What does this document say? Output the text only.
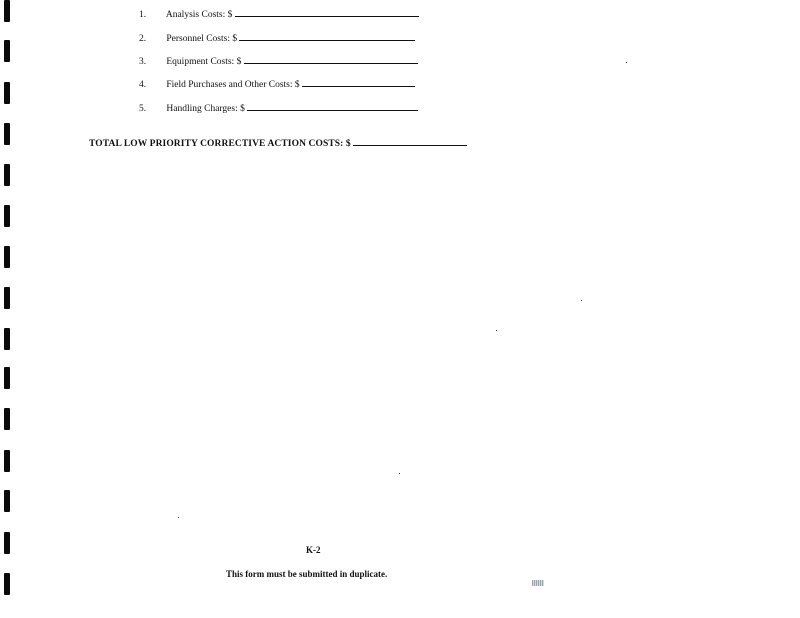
1. Analysis Costs: $
2. Personnel Costs: $
3. Equipment Costs: $
4. Field Purchases and Other Costs: $
5. Handling Charges: $
TOTAL LOW PRIORITY CORRECTIVE ACTION COSTS: $
K-2
This form must be submitted in duplicate.
